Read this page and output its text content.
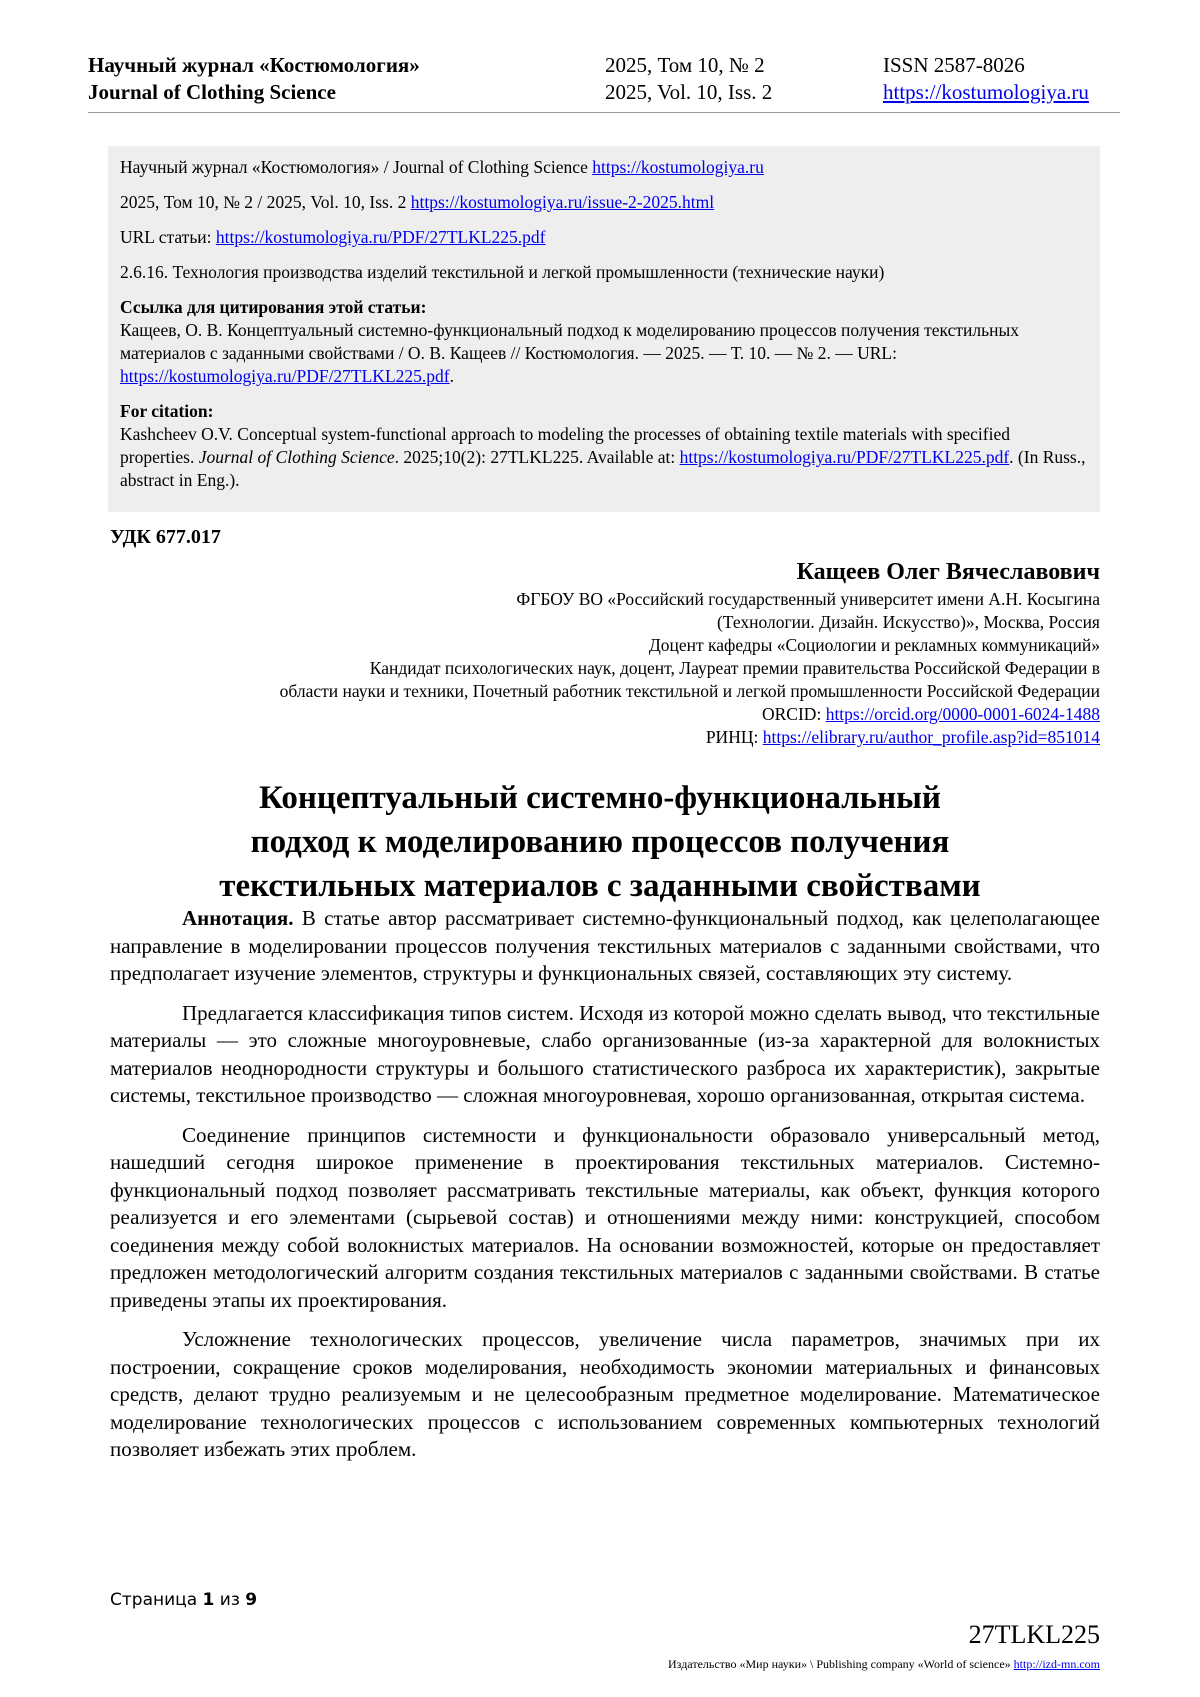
Научный журнал «Костюмология»
Journal of Clothing Science
2025, Том 10, № 2
2025, Vol. 10, Iss. 2
ISSN 2587-8026
https://kostumologiya.ru

Научный журнал «Костюмология» / Journal of Clothing Science https://kostumologiya.ru

2025, Том 10, № 2 / 2025, Vol. 10, Iss. 2 https://kostumologiya.ru/issue-2-2025.html

URL статьи: https://kostumologiya.ru/PDF/27TLKL225.pdf

2.6.16. Технология производства изделий текстильной и легкой промышленности (технические науки)

Ссылка для цитирования этой статьи:
Кащеев, О. В. Концептуальный системно-функциональный подход к моделированию процессов получения текстильных материалов с заданными свойствами / О. В. Кащеев // Костюмология. — 2025. — Т. 10. — № 2. — URL: https://kostumologiya.ru/PDF/27TLKL225.pdf.

For citation:
Kashcheev O.V. Conceptual system-functional approach to modeling the processes of obtaining textile materials with specified properties. Journal of Clothing Science. 2025;10(2): 27TLKL225. Available at: https://kostumologiya.ru/PDF/27TLKL225.pdf. (In Russ., abstract in Eng.).

УДК 677.017
Кащеев Олег Вячеславович
ФГБОУ ВО «Российский государственный университет имени А.Н. Косыгина
(Технологии. Дизайн. Искусство)», Москва, Россия
Доцент кафедры «Социологии и рекламных коммуникаций»
Кандидат психологических наук, доцент, Лауреат премии правительства Российской Федерации в
области науки и техники, Почетный работник текстильной и легкой промышленности Российской Федерации
ORCID: https://orcid.org/0000-0001-6024-1488
РИНЦ: https://elibrary.ru/author_profile.asp?id=851014
Концептуальный системно-функциональный
подход к моделированию процессов получения
текстильных материалов с заданными свойствами

Аннотация. В статье автор рассматривает системно-функциональный подход, как целеполагающее направление в моделировании процессов получения текстильных материалов с заданными свойствами, что предполагает изучение элементов, структуры и функциональных связей, составляющих эту систему.

Предлагается классификация типов систем. Исходя из которой можно сделать вывод, что текстильные материалы — это сложные многоуровневые, слабо организованные (из-за характерной для волокнистых материалов неоднородности структуры и большого статистического разброса их характеристик), закрытые системы, текстильное производство — сложная многоуровневая, хорошо организованная, открытая система.

Соединение принципов системности и функциональности образовало универсальный метод, нашедший сегодня широкое применение в проектирования текстильных материалов. Системно-функциональный подход позволяет рассматривать текстильные материалы, как объект, функция которого реализуется и его элементами (сырьевой состав) и отношениями между ними: конструкцией, способом соединения между собой волокнистых материалов. На основании возможностей, которые он предоставляет предложен методологический алгоритм создания текстильных материалов с заданными свойствами. В статье приведены этапы их проектирования.

Усложнение технологических процессов, увеличение числа параметров, значимых при их построении, сокращение сроков моделирования, необходимость экономии материальных и финансовых средств, делают трудно реализуемым и не целесообразным предметное моделирование. Математическое моделирование технологических процессов с использованием современных компьютерных технологий позволяет избежать этих проблем.

Страница 1 из 9
27TLKL225
Издательство «Мир науки» \ Publishing company «World of science» http://izd-mn.com
